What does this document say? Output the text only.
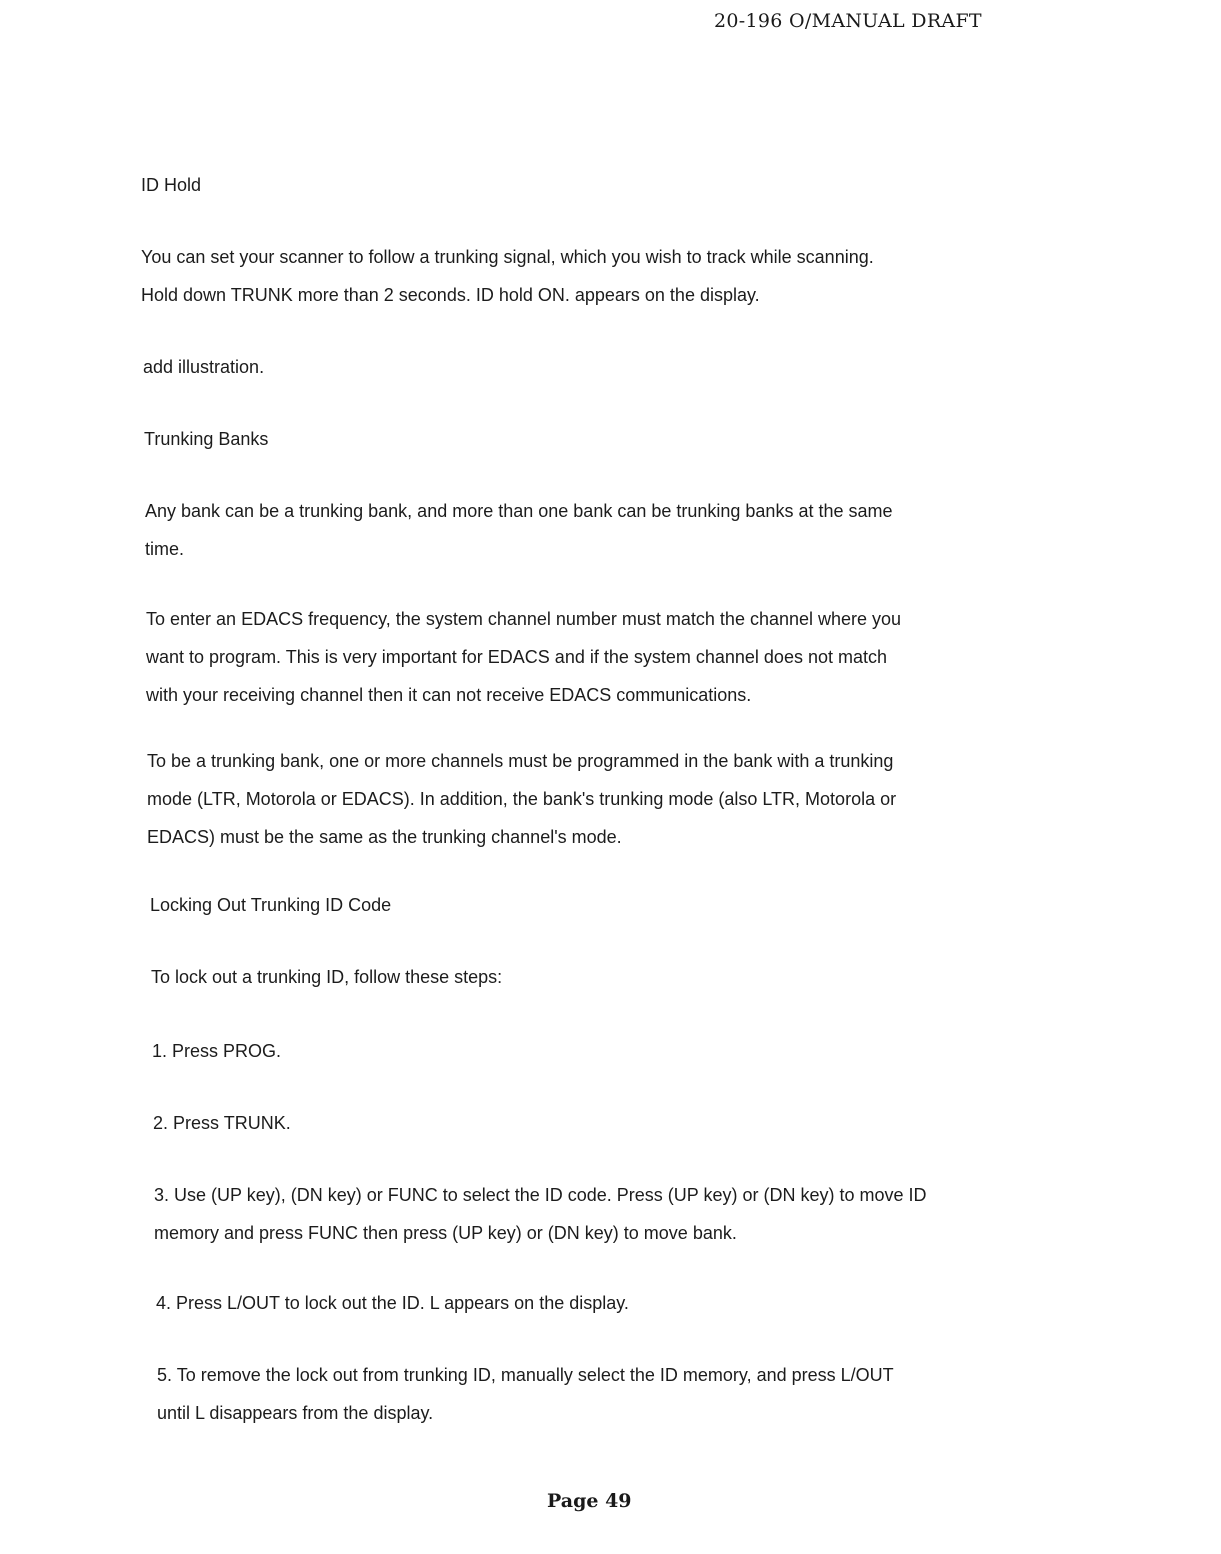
20-196 O/MANUAL DRAFT
ID Hold
You can set your scanner to follow a trunking signal, which you wish to track while scanning.
Hold down TRUNK more than 2 seconds. ID hold ON. appears on the display.
add illustration.
Trunking Banks
Any bank can be a trunking bank, and more than one bank can be trunking banks at the same
time.
To enter an EDACS frequency, the system channel number must match the channel where you
want to program. This is very important for EDACS and if the system channel does not match
with your receiving channel then it can not receive EDACS communications.
To be a trunking bank, one or more channels must be programmed in the bank with a trunking
mode (LTR, Motorola or EDACS). In addition, the bank's trunking mode (also LTR, Motorola or
EDACS) must be the same as the trunking channel's mode.
Locking Out Trunking ID Code
To lock out a trunking ID, follow these steps:
1. Press PROG.
2. Press TRUNK.
3. Use (UP key), (DN key) or FUNC to select the ID code. Press (UP key) or (DN key) to move ID
memory and press FUNC then press (UP key) or (DN key) to move bank.
4. Press L/OUT to lock out the ID. L appears on the display.
5. To remove the lock out from trunking ID, manually select the ID memory, and press L/OUT
until L disappears from the display.
Page 49
